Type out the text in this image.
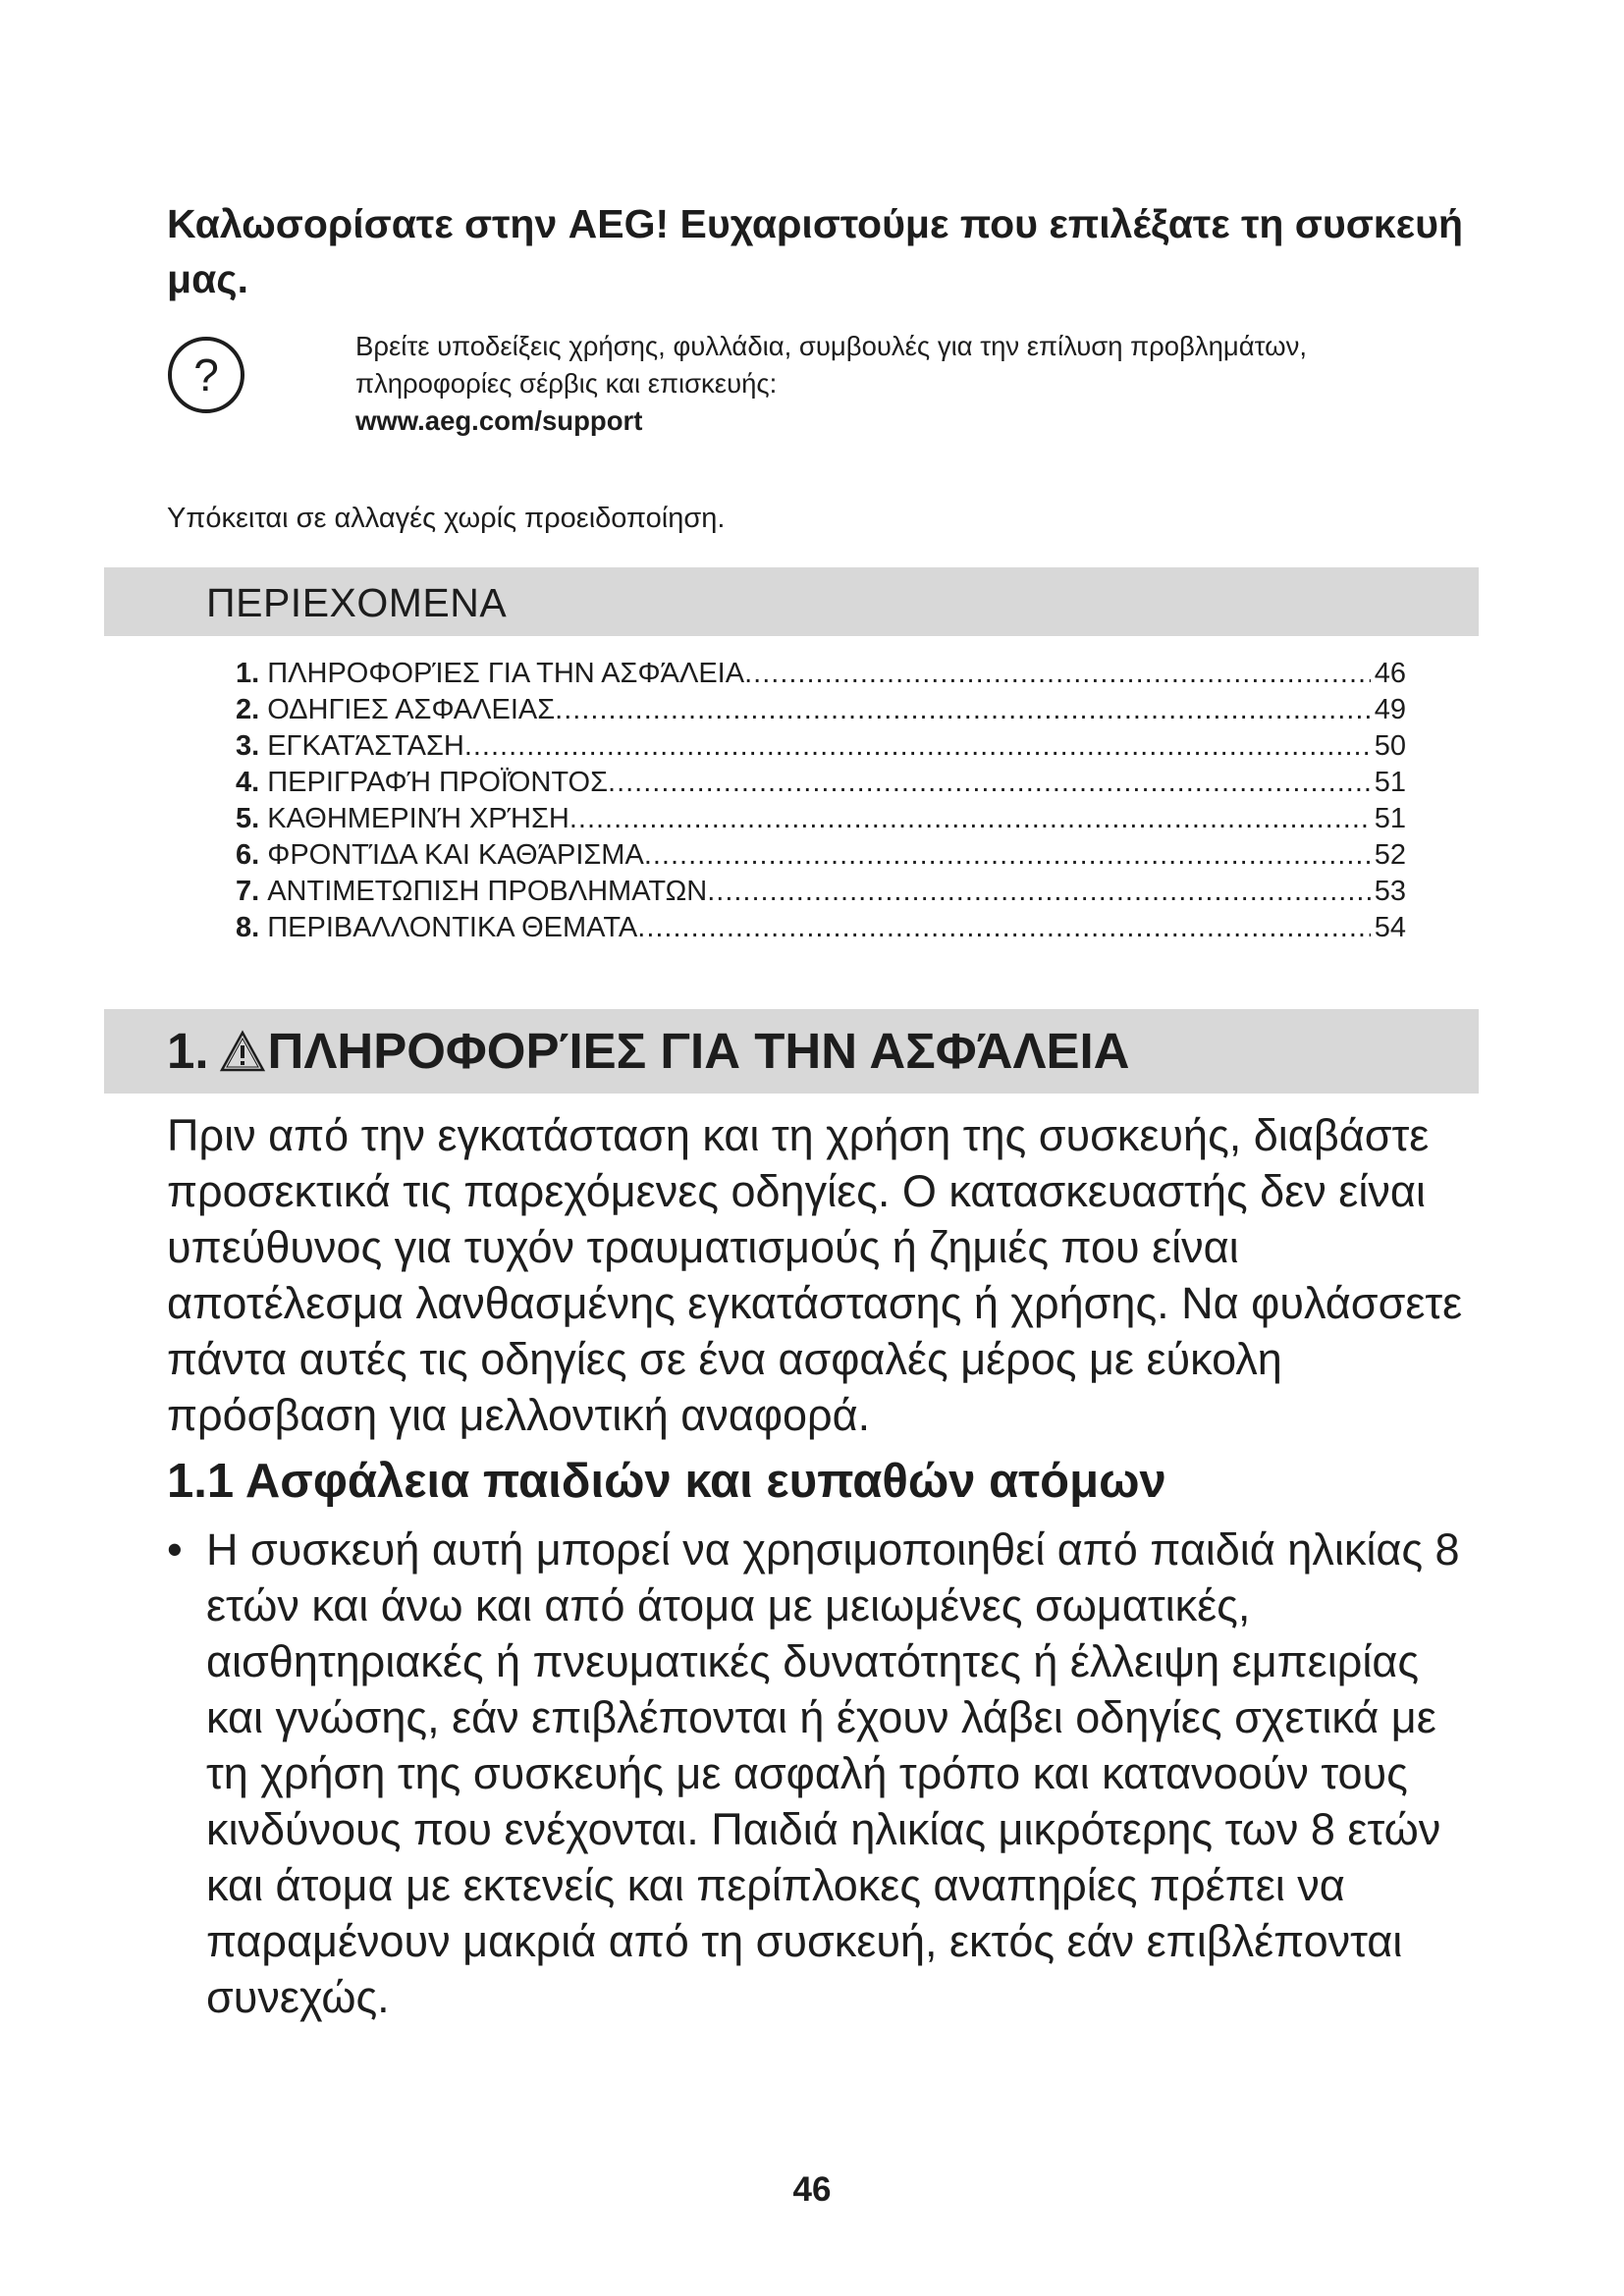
Καλωσορίσατε στην AEG! Ευχαριστούμε που επιλέξατε τη συσκευή μας.
?
Βρείτε υποδείξεις χρήσης, φυλλάδια, συμβουλές για την επίλυση προβλημάτων,
πληροφορίες σέρβις και επισκευής:
www.aeg.com/support
Υπόκειται σε αλλαγές χωρίς προειδοποίηση.
ΠΕΡΙΕΧΟΜΕΝΑ
1. ΠΛΗΡΟΦΟΡΊΕΣ ΓΙΑ ΤΗΝ ΑΣΦΆΛΕΙΑ .....	46
2. ΟΔΗΓΙΕΣ ΑΣΦΑΛΕΙΑΣ .....	49
3. ΕΓΚΑΤΆΣΤΑΣΗ .....	50
4. ΠΕΡΙΓΡΑΦΉ ΠΡΟΪΌΝΤΟΣ .....	51
5. ΚΑΘΗΜΕΡΙΝΉ ΧΡΉΣΗ .....	51
6. ΦΡΟΝΤΊΔΑ ΚΑΙ ΚΑΘΆΡΙΣΜΑ .....	52
7. ΑΝΤΙΜΕΤΩΠΙΣΗ ΠΡΟΒΛΗΜΑΤΩΝ .....	53
8. ΠΕΡΙΒΑΛΛΟΝΤΙΚΑ ΘΕΜΑΤΑ .....	54
1. ΠΛΗΡΟΦΟΡΊΕΣ ΓΙΑ ΤΗΝ ΑΣΦΆΛΕΙΑ

Πριν από την εγκατάσταση και τη χρήση της συσκευής, διαβάστε προσεκτικά τις παρεχόμενες οδηγίες. Ο κατασκευαστής δεν είναι υπεύθυνος για τυχόν τραυματισμούς ή ζημιές που είναι αποτέλεσμα λανθασμένης εγκατάστασης ή χρήσης. Να φυλάσσετε πάντα αυτές τις οδηγίες σε ένα ασφαλές μέρος με εύκολη πρόσβαση για μελλοντική αναφορά.

1.1 Ασφάλεια παιδιών και ευπαθών ατόμων
• Η συσκευή αυτή μπορεί να χρησιμοποιηθεί από παιδιά ηλικίας 8 ετών και άνω και από άτομα με μειωμένες σωματικές, αισθητηριακές ή πνευματικές δυνατότητες ή έλλειψη εμπειρίας και γνώσης, εάν επιβλέπονται ή έχουν λάβει οδηγίες σχετικά με τη χρήση της συσκευής με ασφαλή τρόπο και κατανοούν τους κινδύνους που ενέχονται. Παιδιά ηλικίας μικρότερης των 8 ετών και άτομα με εκτενείς και περίπλοκες αναπηρίες πρέπει να παραμένουν μακριά από τη συσκευή, εκτός εάν επιβλέπονται συνεχώς.
46
